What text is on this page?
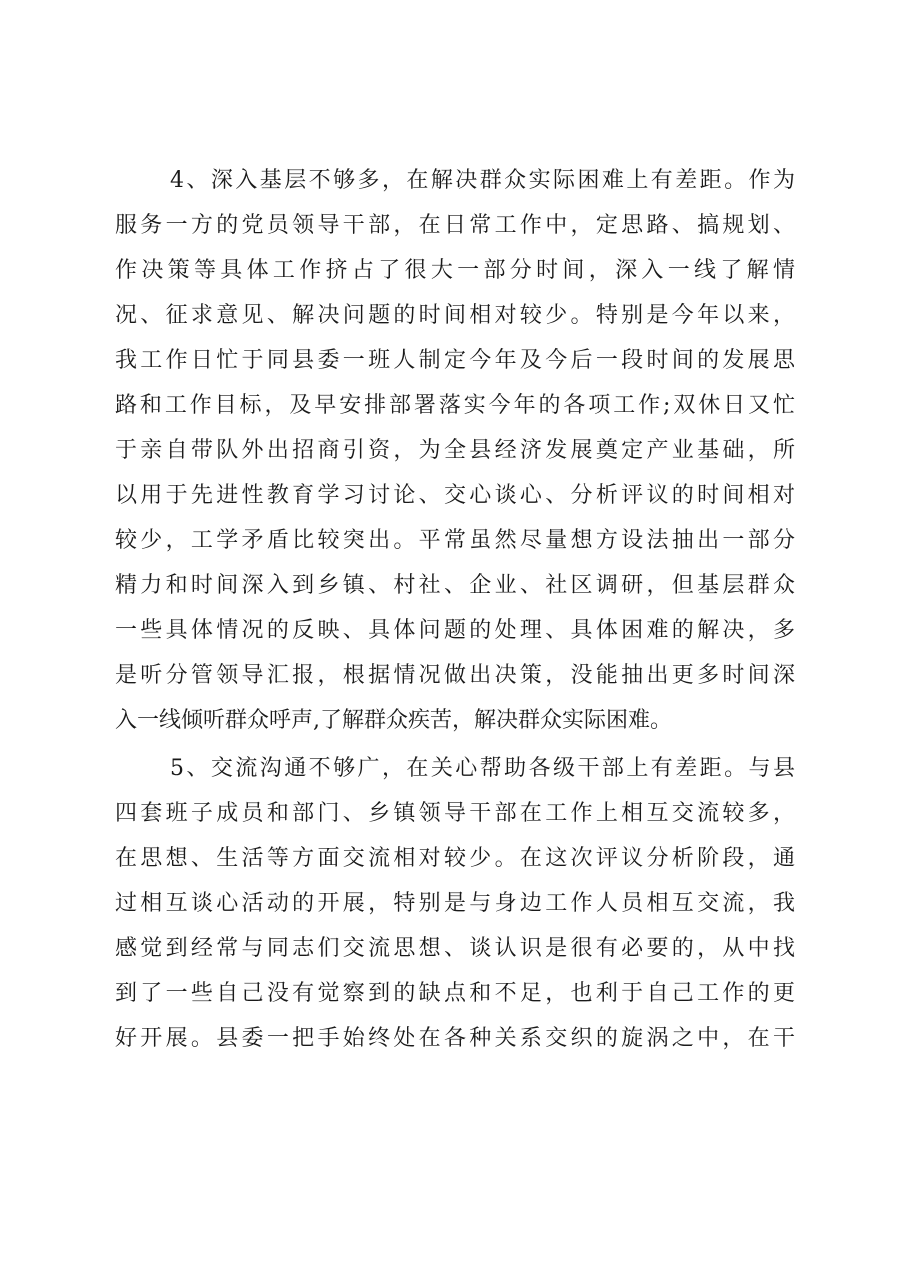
4、深入基层不够多，在解决群众实际困难上有差距。作为
服务一方的党员领导干部，在日常工作中，定思路、搞规划、
作决策等具体工作挤占了很大一部分时间，深入一线了解情
况、征求意见、解决问题的时间相对较少。特别是今年以来，
我工作日忙于同县委一班人制定今年及今后一段时间的发展思
路和工作目标，及早安排部署落实今年的各项工作;双休日又忙
于亲自带队外出招商引资，为全县经济发展奠定产业基础，所
以用于先进性教育学习讨论、交心谈心、分析评议的时间相对
较少，工学矛盾比较突出。平常虽然尽量想方设法抽出一部分
精力和时间深入到乡镇、村社、企业、社区调研，但基层群众
一些具体情况的反映、具体问题的处理、具体困难的解决，多
是听分管领导汇报，根据情况做出决策，没能抽出更多时间深
入一线倾听群众呼声,了解群众疾苦，解决群众实际困难。
5、交流沟通不够广，在关心帮助各级干部上有差距。与县
四套班子成员和部门、乡镇领导干部在工作上相互交流较多，
在思想、生活等方面交流相对较少。在这次评议分析阶段，通
过相互谈心活动的开展，特别是与身边工作人员相互交流，我
感觉到经常与同志们交流思想、谈认识是很有必要的，从中找
到了一些自己没有觉察到的缺点和不足，也利于自己工作的更
好开展。县委一把手始终处在各种关系交织的旋涡之中，在干
